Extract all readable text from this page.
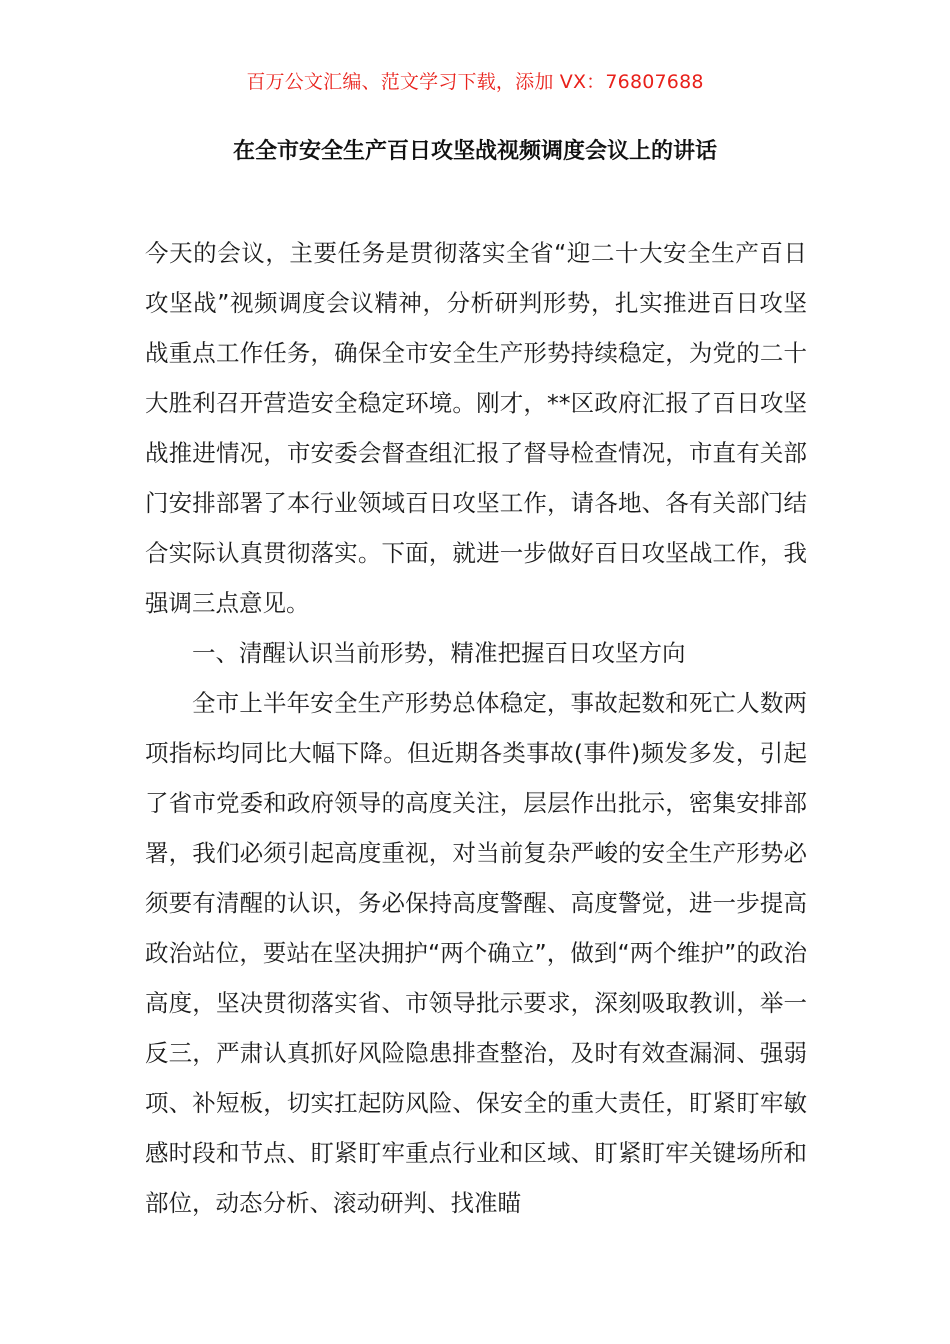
百万公文汇编、范文学习下载，添加 VX：76807688
在全市安全生产百日攻坚战视频调度会议上的讲话

今天的会议，主要任务是贯彻落实全省“迎二十大安全生产百日攻坚战”视频调度会议精神，分析研判形势，扎实推进百日攻坚战重点工作任务，确保全市安全生产形势持续稳定，为党的二十大胜利召开营造安全稳定环境。刚才，**区政府汇报了百日攻坚战推进情况，市安委会督查组汇报了督导检查情况，市直有关部门安排部署了本行业领域百日攻坚工作，请各地、各有关部门结合实际认真贯彻落实。下面，就进一步做好百日攻坚战工作，我强调三点意见。

一、清醒认识当前形势，精准把握百日攻坚方向

全市上半年安全生产形势总体稳定，事故起数和死亡人数两项指标均同比大幅下降。但近期各类事故(事件)频发多发，引起了省市党委和政府领导的高度关注，层层作出批示，密集安排部署，我们必须引起高度重视，对当前复杂严峻的安全生产形势必须要有清醒的认识，务必保持高度警醒、高度警觉，进一步提高政治站位，要站在坚决拥护“两个确立”，做到“两个维护”的政治高度，坚决贯彻落实省、市领导批示要求，深刻吸取教训，举一反三，严肃认真抓好风险隐患排查整治，及时有效查漏洞、强弱项、补短板，切实扛起防风险、保安全的重大责任，盯紧盯牢敏感时段和节点、盯紧盯牢重点行业和区域、盯紧盯牢关键场所和部位，动态分析、滚动研判、找准瞄
